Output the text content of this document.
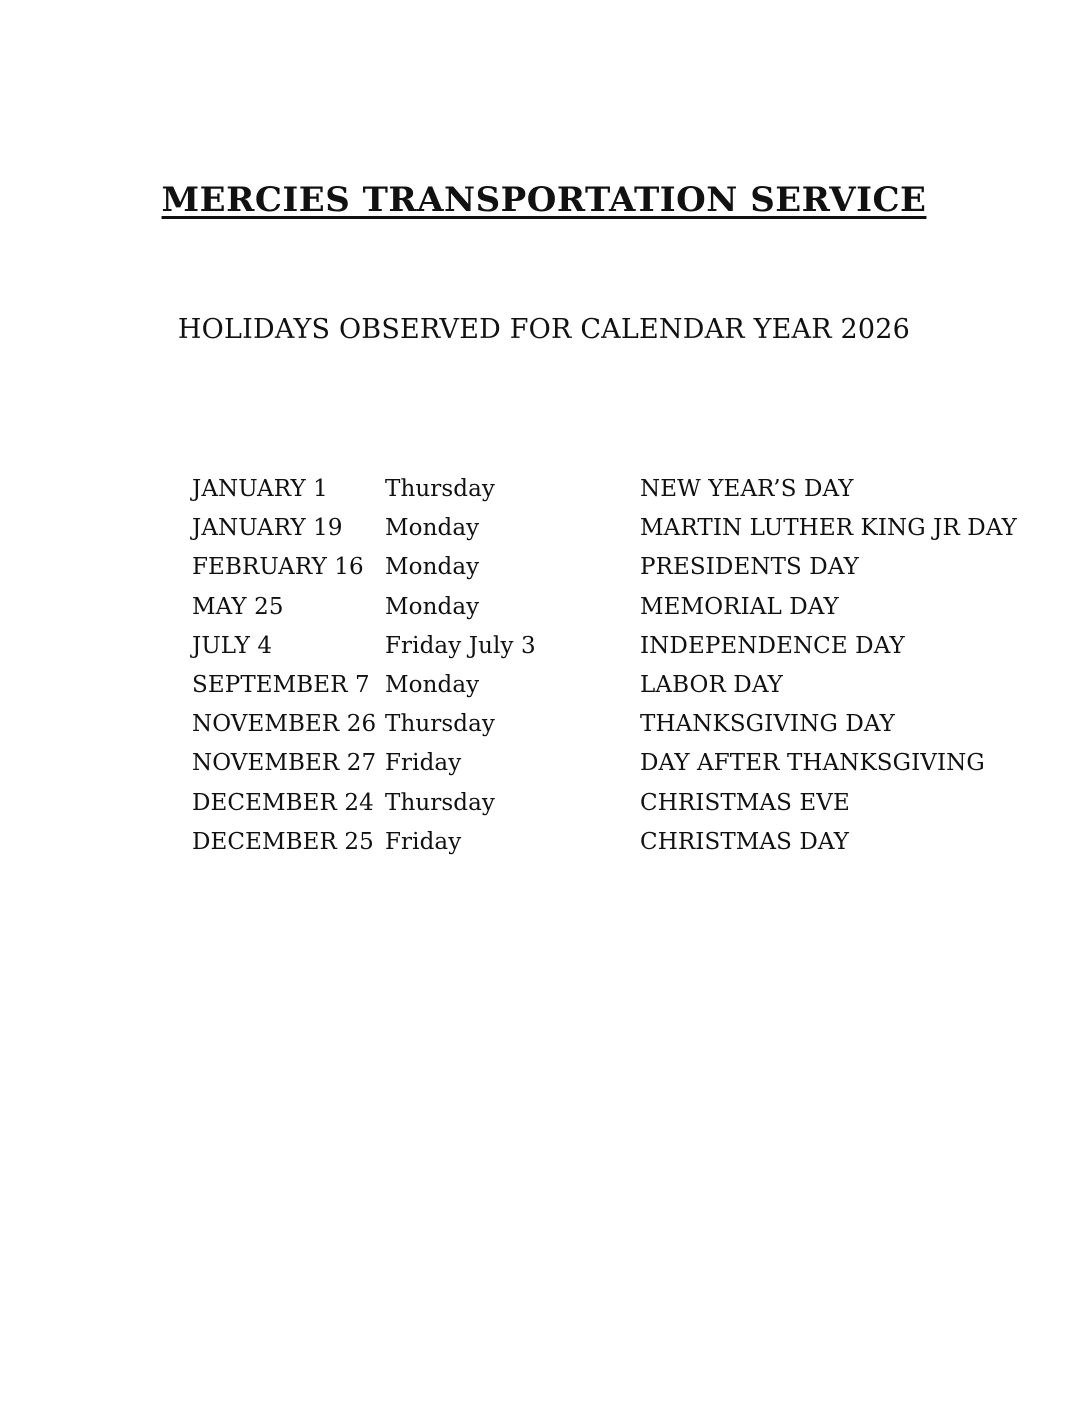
MERCIES TRANSPORTATION SERVICE
HOLIDAYS OBSERVED FOR CALENDAR YEAR 2026
JANUARY 1	Thursday	NEW YEAR’S DAY
JANUARY 19	Monday	MARTIN LUTHER KING JR DAY
FEBRUARY 16 Monday	PRESIDENTS DAY
MAY 25	Monday	MEMORIAL DAY
JULY 4	Friday July 3	INDEPENDENCE DAY
SEPTEMBER 7 Monday	LABOR DAY
NOVEMBER 26 Thursday	THANKSGIVING DAY
NOVEMBER 27 Friday	DAY AFTER THANKSGIVING
DECEMBER 24 Thursday	CHRISTMAS EVE
DECEMBER 25 Friday	CHRISTMAS DAY
